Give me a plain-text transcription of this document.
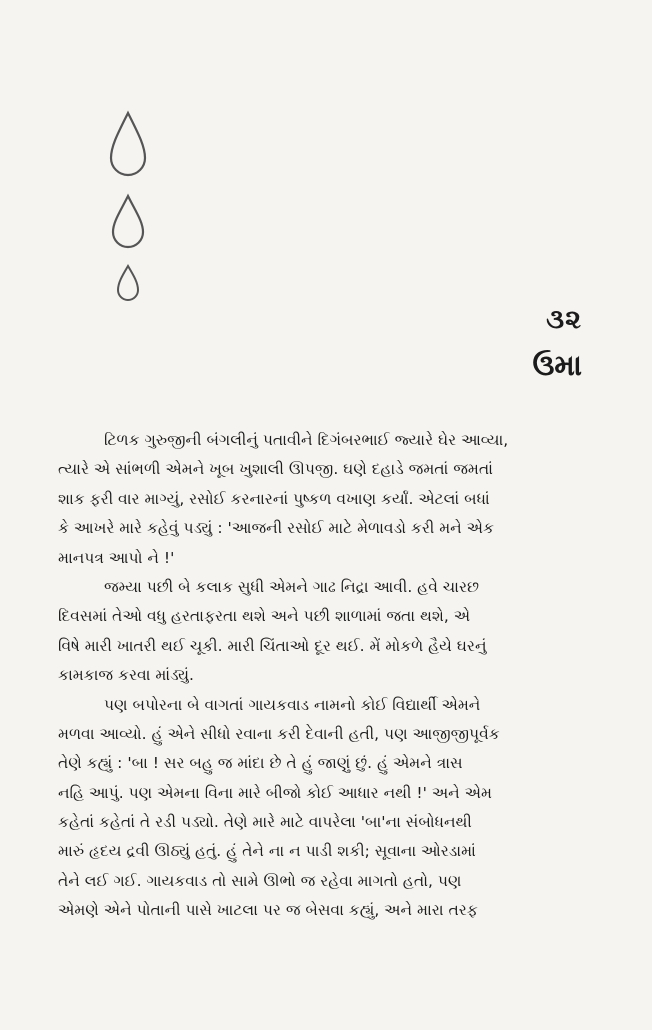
૩૨
ઉમા
ટિળક ગુરુજીની બંગલીનું પતાવીને દિગંબરભાઈ જ્યારે ઘેર આવ્યા,
ત્યારે એ સાંભળી એમને ખૂબ ખુશાલી ઊપજી. ઘણે દહાડે જમતાં જમતાં
શાક ફરી વાર માગ્યું, રસોઈ કરનારનાં પુષ્કળ વખાણ કર્યાં. એટલાં બધાં
કે આખરે મારે કહેવું પડ્યું : 'આજની રસોઈ માટે મેળાવડો કરી મને એક
માનપત્ર આપો ને !'
જમ્યા પછી બે કલાક સુધી એમને ગાઢ નિદ્રા આવી. હવે ચારછ
દિવસમાં તેઓ વધુ હરતાફરતા થશે અને પછી શાળામાં જતા થશે, એ
વિષે મારી ખાતરી થઈ ચૂકી. મારી ચિંતાઓ દૂર થઈ. મેં મોકળે હૈયે ઘરનું
કામકાજ કરવા માંડ્યું.
પણ બપોરના બે વાગતાં ગાયકવાડ નામનો કોઈ વિદ્યાર્થી એમને
મળવા આવ્યો. હું એને સીધો રવાના કરી દેવાની હતી, પણ આજીજીપૂર્વક
તેણે કહ્યું : 'બા ! સર બહુ જ માંદા છે તે હું જાણું છું. હું એમને ત્રાસ
નહિ આપું. પણ એમના વિના મારે બીજો કોઈ આધાર નથી !' અને એમ
કહેતાં કહેતાં તે રડી પડ્યો. તેણે મારે માટે વાપરેલા 'બા'ના સંબોધનથી
મારું હૃદય દ્રવી ઊઠ્યું હતું. હું તેને ના ન પાડી શકી; સૂવાના ઓરડામાં
તેને લઈ ગઈ. ગાયકવાડ તો સામે ઊભો જ રહેવા માગતો હતો, પણ
એમણે એને પોતાની પાસે ખાટલા પર જ બેસવા કહ્યું, અને મારા તરફ
